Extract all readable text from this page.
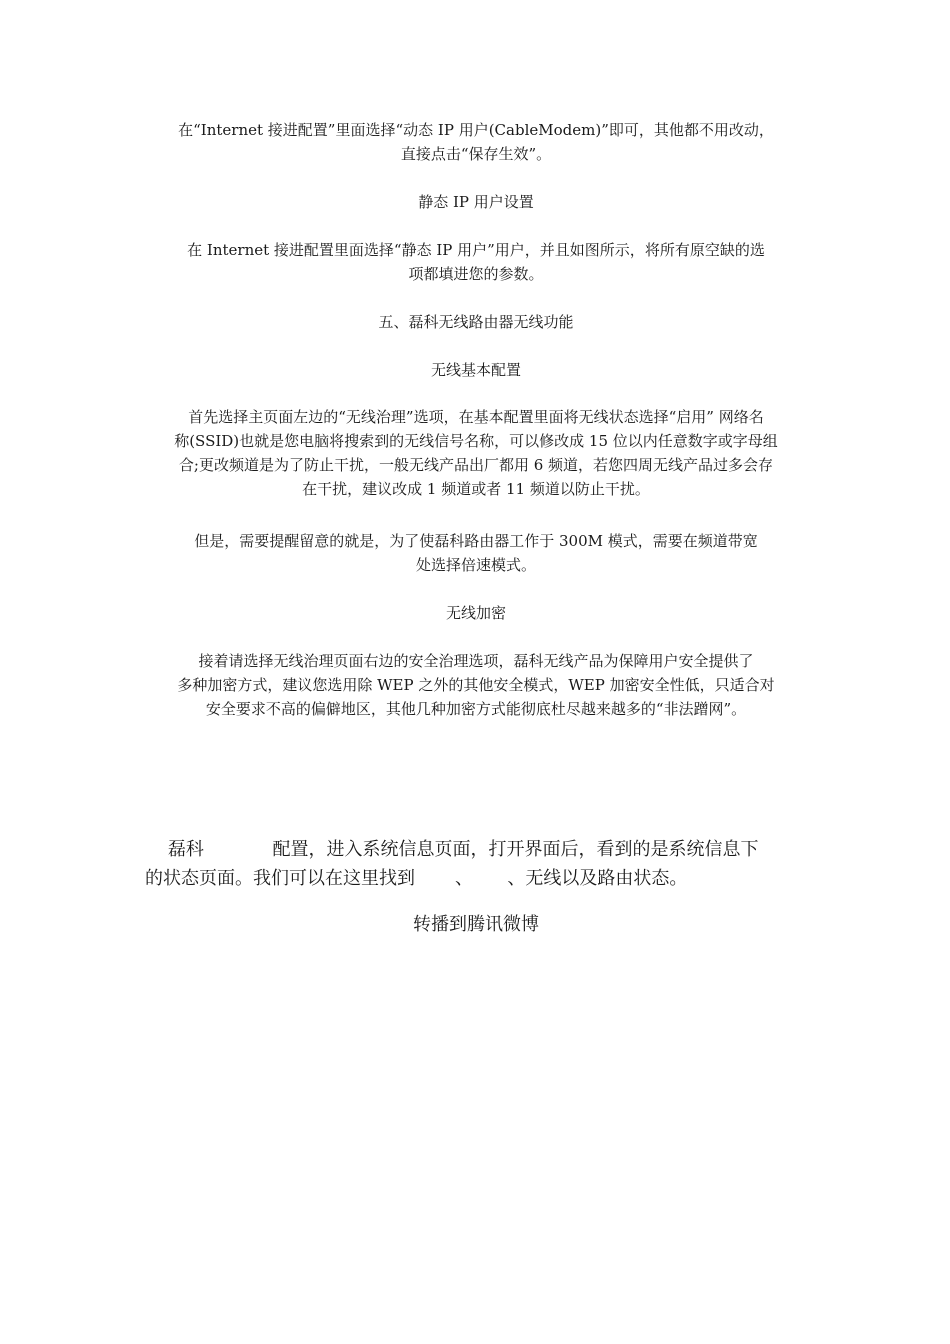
在“Internet 接进配置”里面选择“动态 IP 用户(CableModem)”即可，其他都不用改动，
直接点击“保存生效”。
静态 IP 用户设置
在 Internet 接进配置里面选择“静态 IP 用户”用户，并且如图所示，将所有原空缺的选
项都填进您的参数。
五、磊科无线路由器无线功能
无线基本配置
首先选择主页面左边的“无线治理”选项，在基本配置里面将无线状态选择“启用” 网络名
称(SSID)也就是您电脑将搜索到的无线信号名称，可以修改成 15 位以内任意数字或字母组
合;更改频道是为了防止干扰，一般无线产品出厂都用 6 频道，若您四周无线产品过多会存
在干扰，建议改成 1 频道或者 11 频道以防止干扰。
但是，需要提醒留意的就是，为了使磊科路由器工作于 300M 模式，需要在频道带宽
处选择倍速模式。
无线加密
接着请选择无线治理页面右边的安全治理选项，磊科无线产品为保障用户安全提供了
多种加密方式，建议您选用除 WEP 之外的其他安全模式，WEP 加密安全性低，只适合对
安全要求不高的偏僻地区，其他几种加密方式能彻底杜尽越来越多的“非法蹭网”。
磊科            配置，进入系统信息页面，打开界面后，看到的是系统信息下
的状态页面。我们可以在这里找到       、      、无线以及路由状态。
转播到腾讯微博
